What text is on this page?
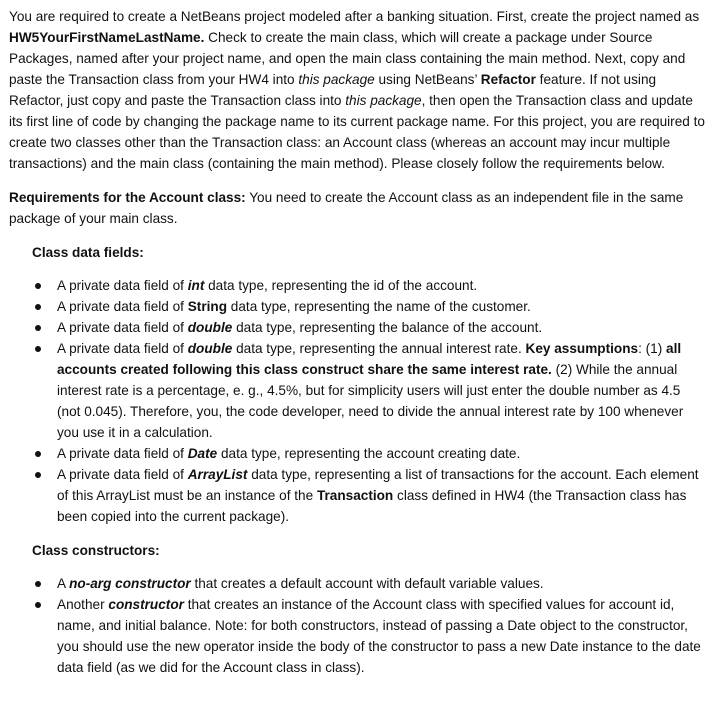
You are required to create a NetBeans project modeled after a banking situation. First, create the project named as HW5YourFirstNameLastName. Check to create the main class, which will create a package under Source Packages, named after your project name, and open the main class containing the main method. Next, copy and paste the Transaction class from your HW4 into this package using NetBeans’ Refactor feature. If not using Refactor, just copy and paste the Transaction class into this package, then open the Transaction class and update its first line of code by changing the package name to its current package name. For this project, you are required to create two classes other than the Transaction class: an Account class (whereas an account may incur multiple transactions) and the main class (containing the main method). Please closely follow the requirements below.

Requirements for the Account class: You need to create the Account class as an independent file in the same package of your main class.

Class data fields:

A private data field of int data type, representing the id of the account.
A private data field of String data type, representing the name of the customer.
A private data field of double data type, representing the balance of the account.
A private data field of double data type, representing the annual interest rate. Key assumptions: (1) all accounts created following this class construct share the same interest rate. (2) While the annual interest rate is a percentage, e. g., 4.5%, but for simplicity users will just enter the double number as 4.5 (not 0.045). Therefore, you, the code developer, need to divide the annual interest rate by 100 whenever you use it in a calculation.
A private data field of Date data type, representing the account creating date.
A private data field of ArrayList data type, representing a list of transactions for the account. Each element of this ArrayList must be an instance of the Transaction class defined in HW4 (the Transaction class has been copied into the current package).

Class constructors:

A no-arg constructor that creates a default account with default variable values.
Another constructor that creates an instance of the Account class with specified values for account id, name, and initial balance. Note: for both constructors, instead of passing a Date object to the constructor, you should use the new operator inside the body of the constructor to pass a new Date instance to the date data field (as we did for the Account class in class).
